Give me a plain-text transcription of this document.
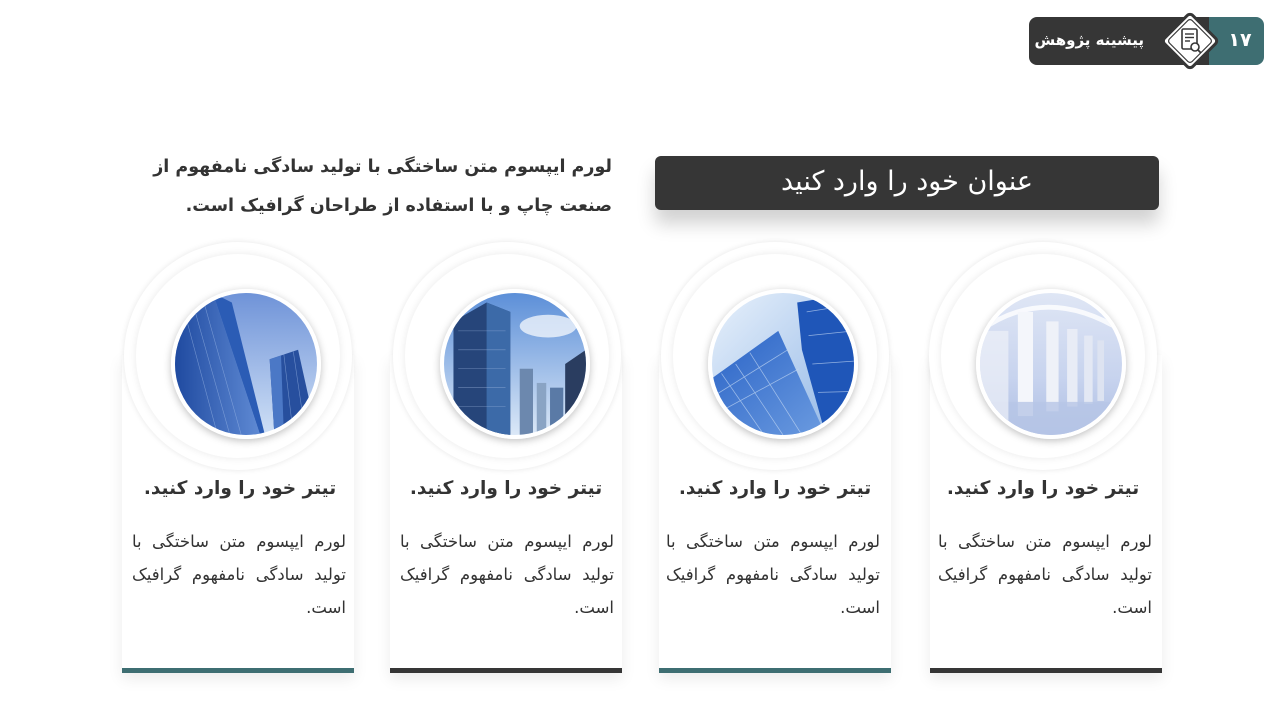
پیشینه پژوهش	۱۷
عنوان خود را وارد کنید
لورم ایپسوم متن ساختگی با تولید سادگی نامفهوم از صنعت چاپ و با استفاده از طراحان گرافیک است.
تیتر خود را وارد کنید.
لورم ایپسوم متن ساختگی با تولید سادگی نامفهوم گرافیک است.
تیتر خود را وارد کنید.
لورم ایپسوم متن ساختگی با تولید سادگی نامفهوم گرافیک است.
تیتر خود را وارد کنید.
لورم ایپسوم متن ساختگی با تولید سادگی نامفهوم گرافیک است.
تیتر خود را وارد کنید.
لورم ایپسوم متن ساختگی با تولید سادگی نامفهوم گرافیک است.
